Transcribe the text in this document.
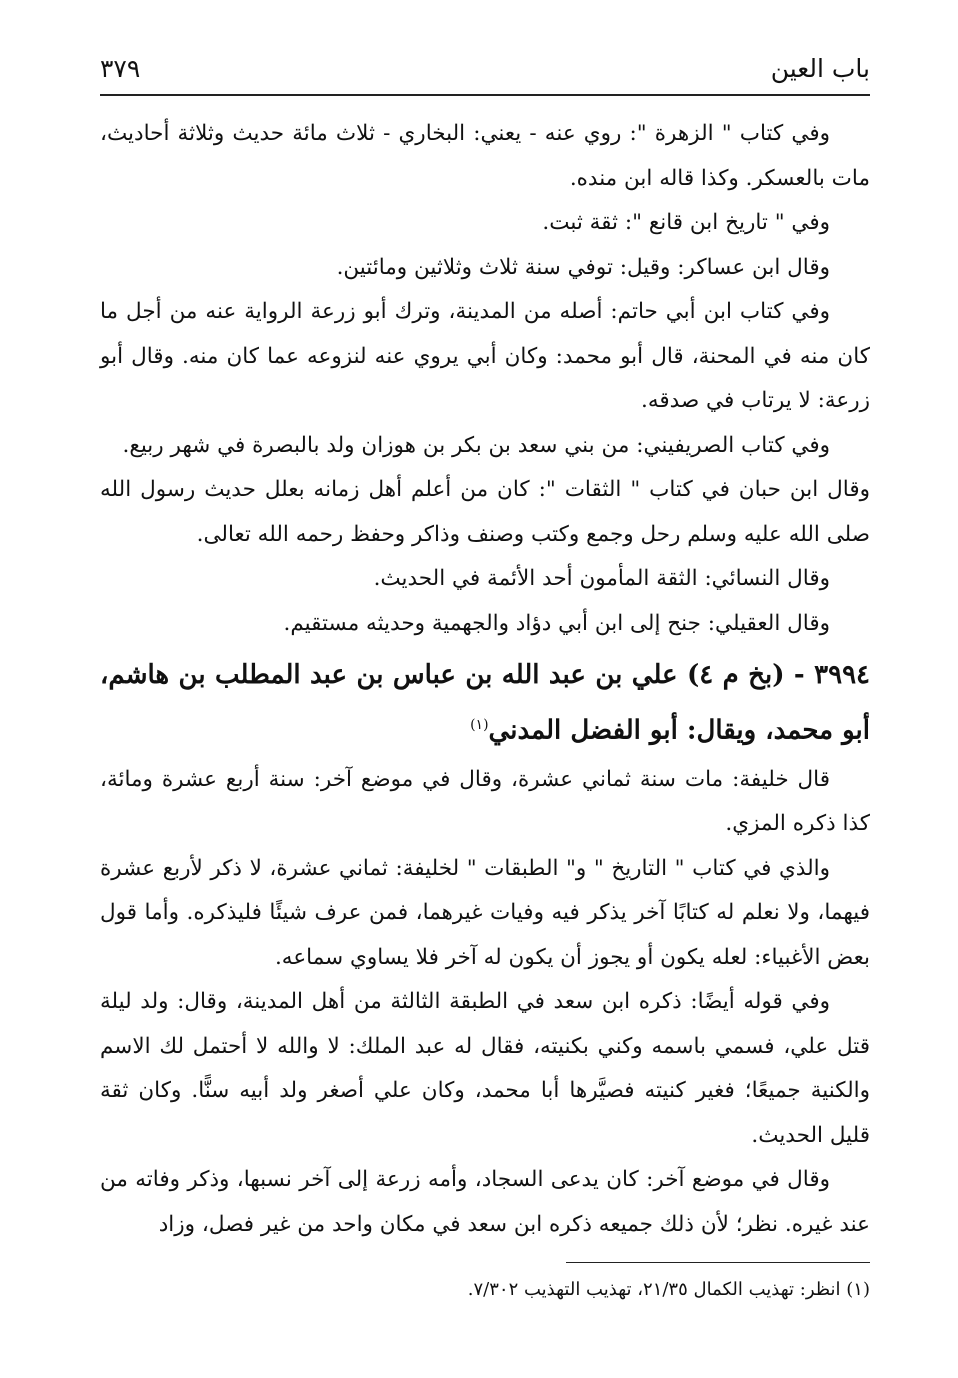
باب العين
٣٧٩

وفي كتاب " الزهرة ": روي عنه - يعني: البخاري - ثلاث مائة حديث وثلاثة أحاديث، مات بالعسكر. وكذا قاله ابن منده.

وفي " تاريخ ابن قانع ": ثقة ثبت.

وقال ابن عساكر: وقيل: توفي سنة ثلاث وثلاثين ومائتين.

وفي كتاب ابن أبي حاتم: أصله من المدينة، وترك أبو زرعة الرواية عنه من أجل ما كان منه في المحنة، قال أبو محمد: وكان أبي يروي عنه لنزوعه عما كان منه. وقال أبو زرعة: لا يرتاب في صدقه.

وفي كتاب الصريفيني: من بني سعد بن بكر بن هوزان ولد بالبصرة في شهر ربيع.

وقال ابن حبان في كتاب " الثقات ": كان من أعلم أهل زمانه بعلل حديث رسول الله صلى الله عليه وسلم رحل وجمع وكتب وصنف وذاكر وحفظ رحمه الله تعالى.

وقال النسائي: الثقة المأمون أحد الأئمة في الحديث.

وقال العقيلي: جنح إلى ابن أبي دؤاد والجهمية وحديثه مستقيم.

٣٩٩٤ - (بخ م ٤) علي بن عبد الله بن عباس بن عبد المطلب بن هاشم، أبو محمد، ويقال: أبو الفضل المدني$^{(١)}$

قال خليفة: مات سنة ثماني عشرة، وقال في موضع آخر: سنة أربع عشرة ومائة، كذا ذكره المزي.

والذي في كتاب " التاريخ " و" الطبقات " لخليفة: ثماني عشرة، لا ذكر لأربع عشرة فيهما، ولا نعلم له كتابًا آخر يذكر فيه وفيات غيرهما، فمن عرف شيئًا فليذكره. وأما قول بعض الأغبياء: لعله يكون أو يجوز أن يكون له آخر فلا يساوي سماعه.

وفي قوله أيضًا: ذكره ابن سعد في الطبقة الثالثة من أهل المدينة، وقال: ولد ليلة قتل علي، فسمي باسمه وكني بكنيته، فقال له عبد الملك: لا والله لا أحتمل لك الاسم والكنية جميعًا؛ فغير كنيته فصيَّرها أبا محمد، وكان علي أصغر ولد أبيه سنًّا. وكان ثقة قليل الحديث.

وقال في موضع آخر: كان يدعى السجاد، وأمه زرعة إلى آخر نسبها، وذكر وفاته من عند غيره. نظر؛ لأن ذلك جميعه ذكره ابن سعد في مكان واحد من غير فصل، وزاد

(١) انظر: تهذيب الكمال ٢١/٣٥، تهذيب التهذيب ٧/٣٠٢.
